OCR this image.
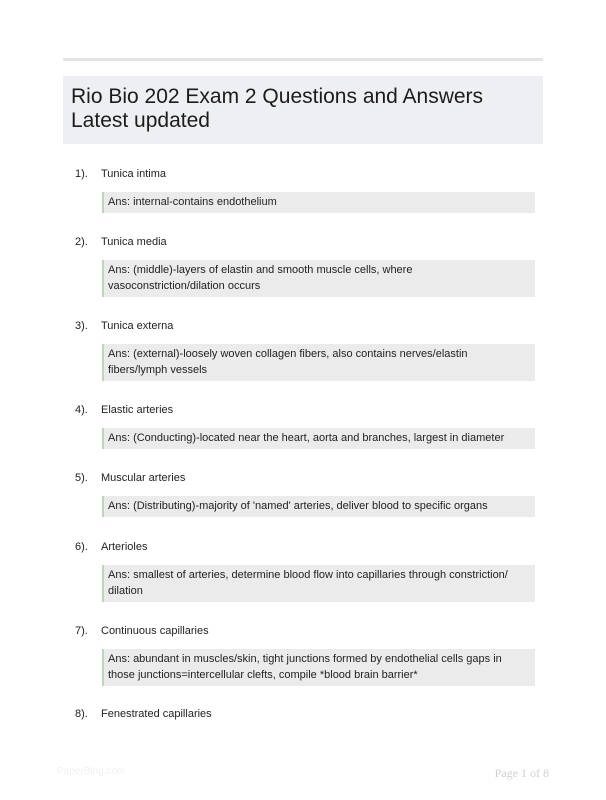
Rio Bio 202 Exam 2 Questions and Answers
Latest updated
1).	Tunica intima
Ans: internal-contains endothelium
2).	Tunica media
Ans: (middle)-layers of elastin and smooth muscle cells, where vasoconstriction/dilation occurs
3).	Tunica externa
Ans: (external)-loosely woven collagen fibers, also contains nerves/elastin fibers/lymph vessels
4).	Elastic arteries
Ans: (Conducting)-located near the heart, aorta and branches, largest in diameter
5).	Muscular arteries
Ans: (Distributing)-majority of 'named' arteries, deliver blood to specific organs
6).	Arterioles
Ans: smallest of arteries, determine blood flow into capillaries through constriction/ dilation
7).	Continuous capillaries
Ans: abundant in muscles/skin, tight junctions formed by endothelial cells gaps in those junctions=intercellular clefts, compile *blood brain barrier*
8).	Fenestrated capillaries
PaperBlog.com	Page 1 of 8
